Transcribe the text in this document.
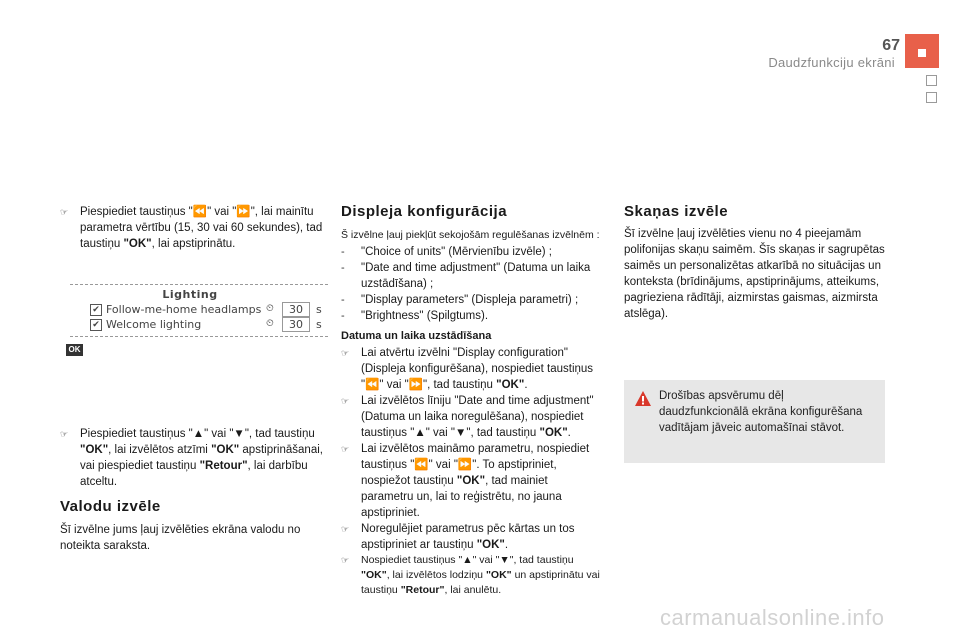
67
Daudzfunkciju ekrāni
☞ Piespiediet taustiņus "⏪" vai "⏩", lai mainītu parametra vērtību (15, 30 vai 60 sekundes), tad taustiņu "OK", lai apstiprinātu.
Lighting
✔ Follow-me-home headlamps ⏲	30	s
✔ Welcome lighting	⏲	30	s
OK
☞ Piespiediet taustiņus "▲" vai "▼", tad taustiņu "OK", lai izvēlētos atzīmi "OK" apstiprināšanai, vai piespiediet taustiņu "Retour", lai darbību atceltu.
Valodu izvēle
Šī izvēlne jums ļauj izvēlēties ekrāna valodu no noteikta saraksta.
Displeja konfigurācija
Š izvēlne ļauj piekļūt sekojošām regulēšanas izvēlnēm :
- "Choice of units" (Mērvienību izvēle) ;
- "Date and time adjustment" (Datuma un laika uzstādīšana) ;
- "Display parameters" (Displeja parametri) ;
- "Brightness" (Spilgtums).
Datuma un laika uzstādīšana
☞ Lai atvērtu izvēlni "Display configuration" (Displeja konfigurēšana), nospiediet taustiņus "⏪" vai "⏩", tad taustiņu "OK".
☞ Lai izvēlētos līniju "Date and time adjustment" (Datuma un laika noregulēšana), nospiediet taustiņus "▲" vai "▼", tad taustiņu "OK".
☞ Lai izvēlētos maināmo parametru, nospiediet taustiņus "⏪" vai "⏩". To apstipriniet, nospiežot taustiņu "OK", tad mainiet parametru un, lai to reģistrētu, no jauna apstipriniet.
☞ Noregulējiet parametrus pēc kārtas un tos apstipriniet ar taustiņu "OK".
☞ Nospiediet taustiņus "▲" vai "▼", tad taustiņu "OK", lai izvēlētos lodziņu "OK" un apstiprinātu vai taustiņu "Retour", lai anulētu.
Skaņas izvēle
Šī izvēlne ļauj izvēlēties vienu no 4 pieejamām polifonijas skaņu saimēm. Šīs skaņas ir sagrupētas saimēs un personalizētas atkarībā no situācijas un konteksta (brīdinājums, apstiprinājums, atteikums, pagrieziena rādītāji, aizmirstas gaismas, aizmirsta atslēga).
Drošības apsvērumu dēļ daudzfunkcionālā ekrāna konfigurēšana vadītājam jāveic automašīnai stāvot.
carmanualsonline.info
